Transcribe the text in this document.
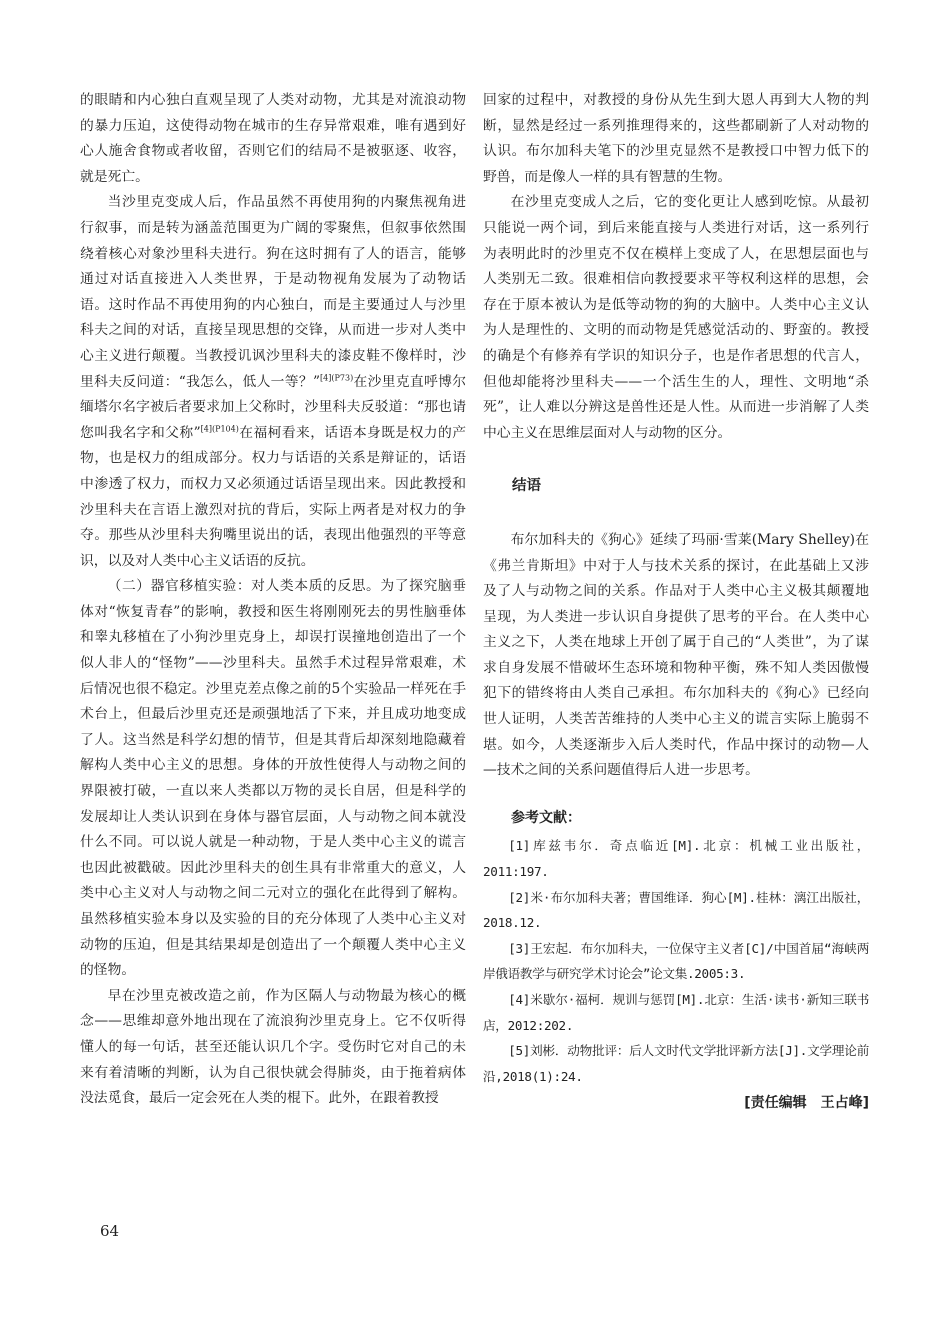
的眼睛和内心独白直观呈现了人类对动物，尤其是对流浪动物的暴力压迫，这使得动物在城市的生存异常艰难，唯有遇到好心人施舍食物或者收留，否则它们的结局不是被驱逐、收容，就是死亡。

当沙里克变成人后，作品虽然不再使用狗的内聚焦视角进行叙事，而是转为涵盖范围更为广阔的零聚焦，但叙事依然围绕着核心对象沙里科夫进行。狗在这时拥有了人的语言，能够通过对话直接进入人类世界，于是动物视角发展为了动物话语。这时作品不再使用狗的内心独白，而是主要通过人与沙里科夫之间的对话，直接呈现思想的交锋，从而进一步对人类中心主义进行颠覆。当教授讥讽沙里科夫的漆皮鞋不像样时，沙里科夫反问道：“我怎么，低人一等？”$^{[4](P73)}$在沙里克直呼博尔缅塔尔名字被后者要求加上父称时，沙里科夫反驳道：“那也请您叫我名字和父称”$^{[4](P104)}$在福柯看来，话语本身既是权力的产物，也是权力的组成部分。权力与话语的关系是辩证的，话语中渗透了权力，而权力又必须通过话语呈现出来。因此教授和沙里科夫在言语上激烈对抗的背后，实际上两者是对权力的争夺。那些从沙里科夫狗嘴里说出的话，表现出他强烈的平等意识，以及对人类中心主义话语的反抗。

（二）器官移植实验：对人类本质的反思。为了探究脑垂体对“恢复青春”的影响，教授和医生将刚刚死去的男性脑垂体和睾丸移植在了小狗沙里克身上，却误打误撞地创造出了一个似人非人的“怪物”——沙里科夫。虽然手术过程异常艰难，术后情况也很不稳定。沙里克差点像之前的5个实验品一样死在手术台上，但最后沙里克还是顽强地活了下来，并且成功地变成了人。这当然是科学幻想的情节，但是其背后却深刻地隐藏着解构人类中心主义的思想。身体的开放性使得人与动物之间的界限被打破，一直以来人类都以万物的灵长自居，但是科学的发展却让人类认识到在身体与器官层面，人与动物之间本就没什么不同。可以说人就是一种动物，于是人类中心主义的谎言也因此被戳破。因此沙里科夫的创生具有非常重大的意义，人类中心主义对人与动物之间二元对立的强化在此得到了解构。虽然移植实验本身以及实验的目的充分体现了人类中心主义对动物的压迫，但是其结果却是创造出了一个颠覆人类中心主义的怪物。

早在沙里克被改造之前，作为区隔人与动物最为核心的概念——思维却意外地出现在了流浪狗沙里克身上。它不仅听得懂人的每一句话，甚至还能认识几个字。受伤时它对自己的未来有着清晰的判断，认为自己很快就会得肺炎，由于拖着病体没法觅食，最后一定会死在人类的棍下。此外，在跟着教授

回家的过程中，对教授的身份从先生到大恩人再到大人物的判断，显然是经过一系列推理得来的，这些都刷新了人对动物的认识。布尔加科夫笔下的沙里克显然不是教授口中智力低下的野兽，而是像人一样的具有智慧的生物。

在沙里克变成人之后，它的变化更让人感到吃惊。从最初只能说一两个词，到后来能直接与人类进行对话，这一系列行为表明此时的沙里克不仅在模样上变成了人，在思想层面也与人类别无二致。很难相信向教授要求平等权利这样的思想，会存在于原本被认为是低等动物的狗的大脑中。人类中心主义认为人是理性的、文明的而动物是凭感觉活动的、野蛮的。教授的确是个有修养有学识的知识分子，也是作者思想的代言人，但他却能将沙里科夫——一个活生生的人，理性、文明地“杀死”，让人难以分辨这是兽性还是人性。从而进一步消解了人类中心主义在思维层面对人与动物的区分。

结语

布尔加科夫的《狗心》延续了玛丽·雪莱(Mary Shelley)在《弗兰肯斯坦》中对于人与技术关系的探讨，在此基础上又涉及了人与动物之间的关系。作品对于人类中心主义极其颠覆地呈现，为人类进一步认识自身提供了思考的平台。在人类中心主义之下，人类在地球上开创了属于自己的“人类世”，为了谋求自身发展不惜破坏生态环境和物种平衡，殊不知人类因傲慢犯下的错终将由人类自己承担。布尔加科夫的《狗心》已经向世人证明，人类苦苦维持的人类中心主义的谎言实际上脆弱不堪。如今，人类逐渐步入后人类时代，作品中探讨的动物—人—技术之间的关系问题值得后人进一步思考。

参考文献：
[1]库兹韦尔．奇点临近[M].北京：机械工业出版社，2011:197.
[2]米·布尔加科夫著；曹国维译．狗心[M].桂林：漓江出版社，2018.12.
[3]王宏起．布尔加科夫，一位保守主义者[C]/中国首届“海峡两岸俄语教学与研究学术讨论会”论文集.2005:3.
[4]米歇尔·福柯．规训与惩罚[M].北京：生活·读书·新知三联书店，2012:202.
[5]刘彬．动物批评：后人文时代文学批评新方法[J].文学理论前沿,2018(1):24.
[责任编辑　王占峰]
64
